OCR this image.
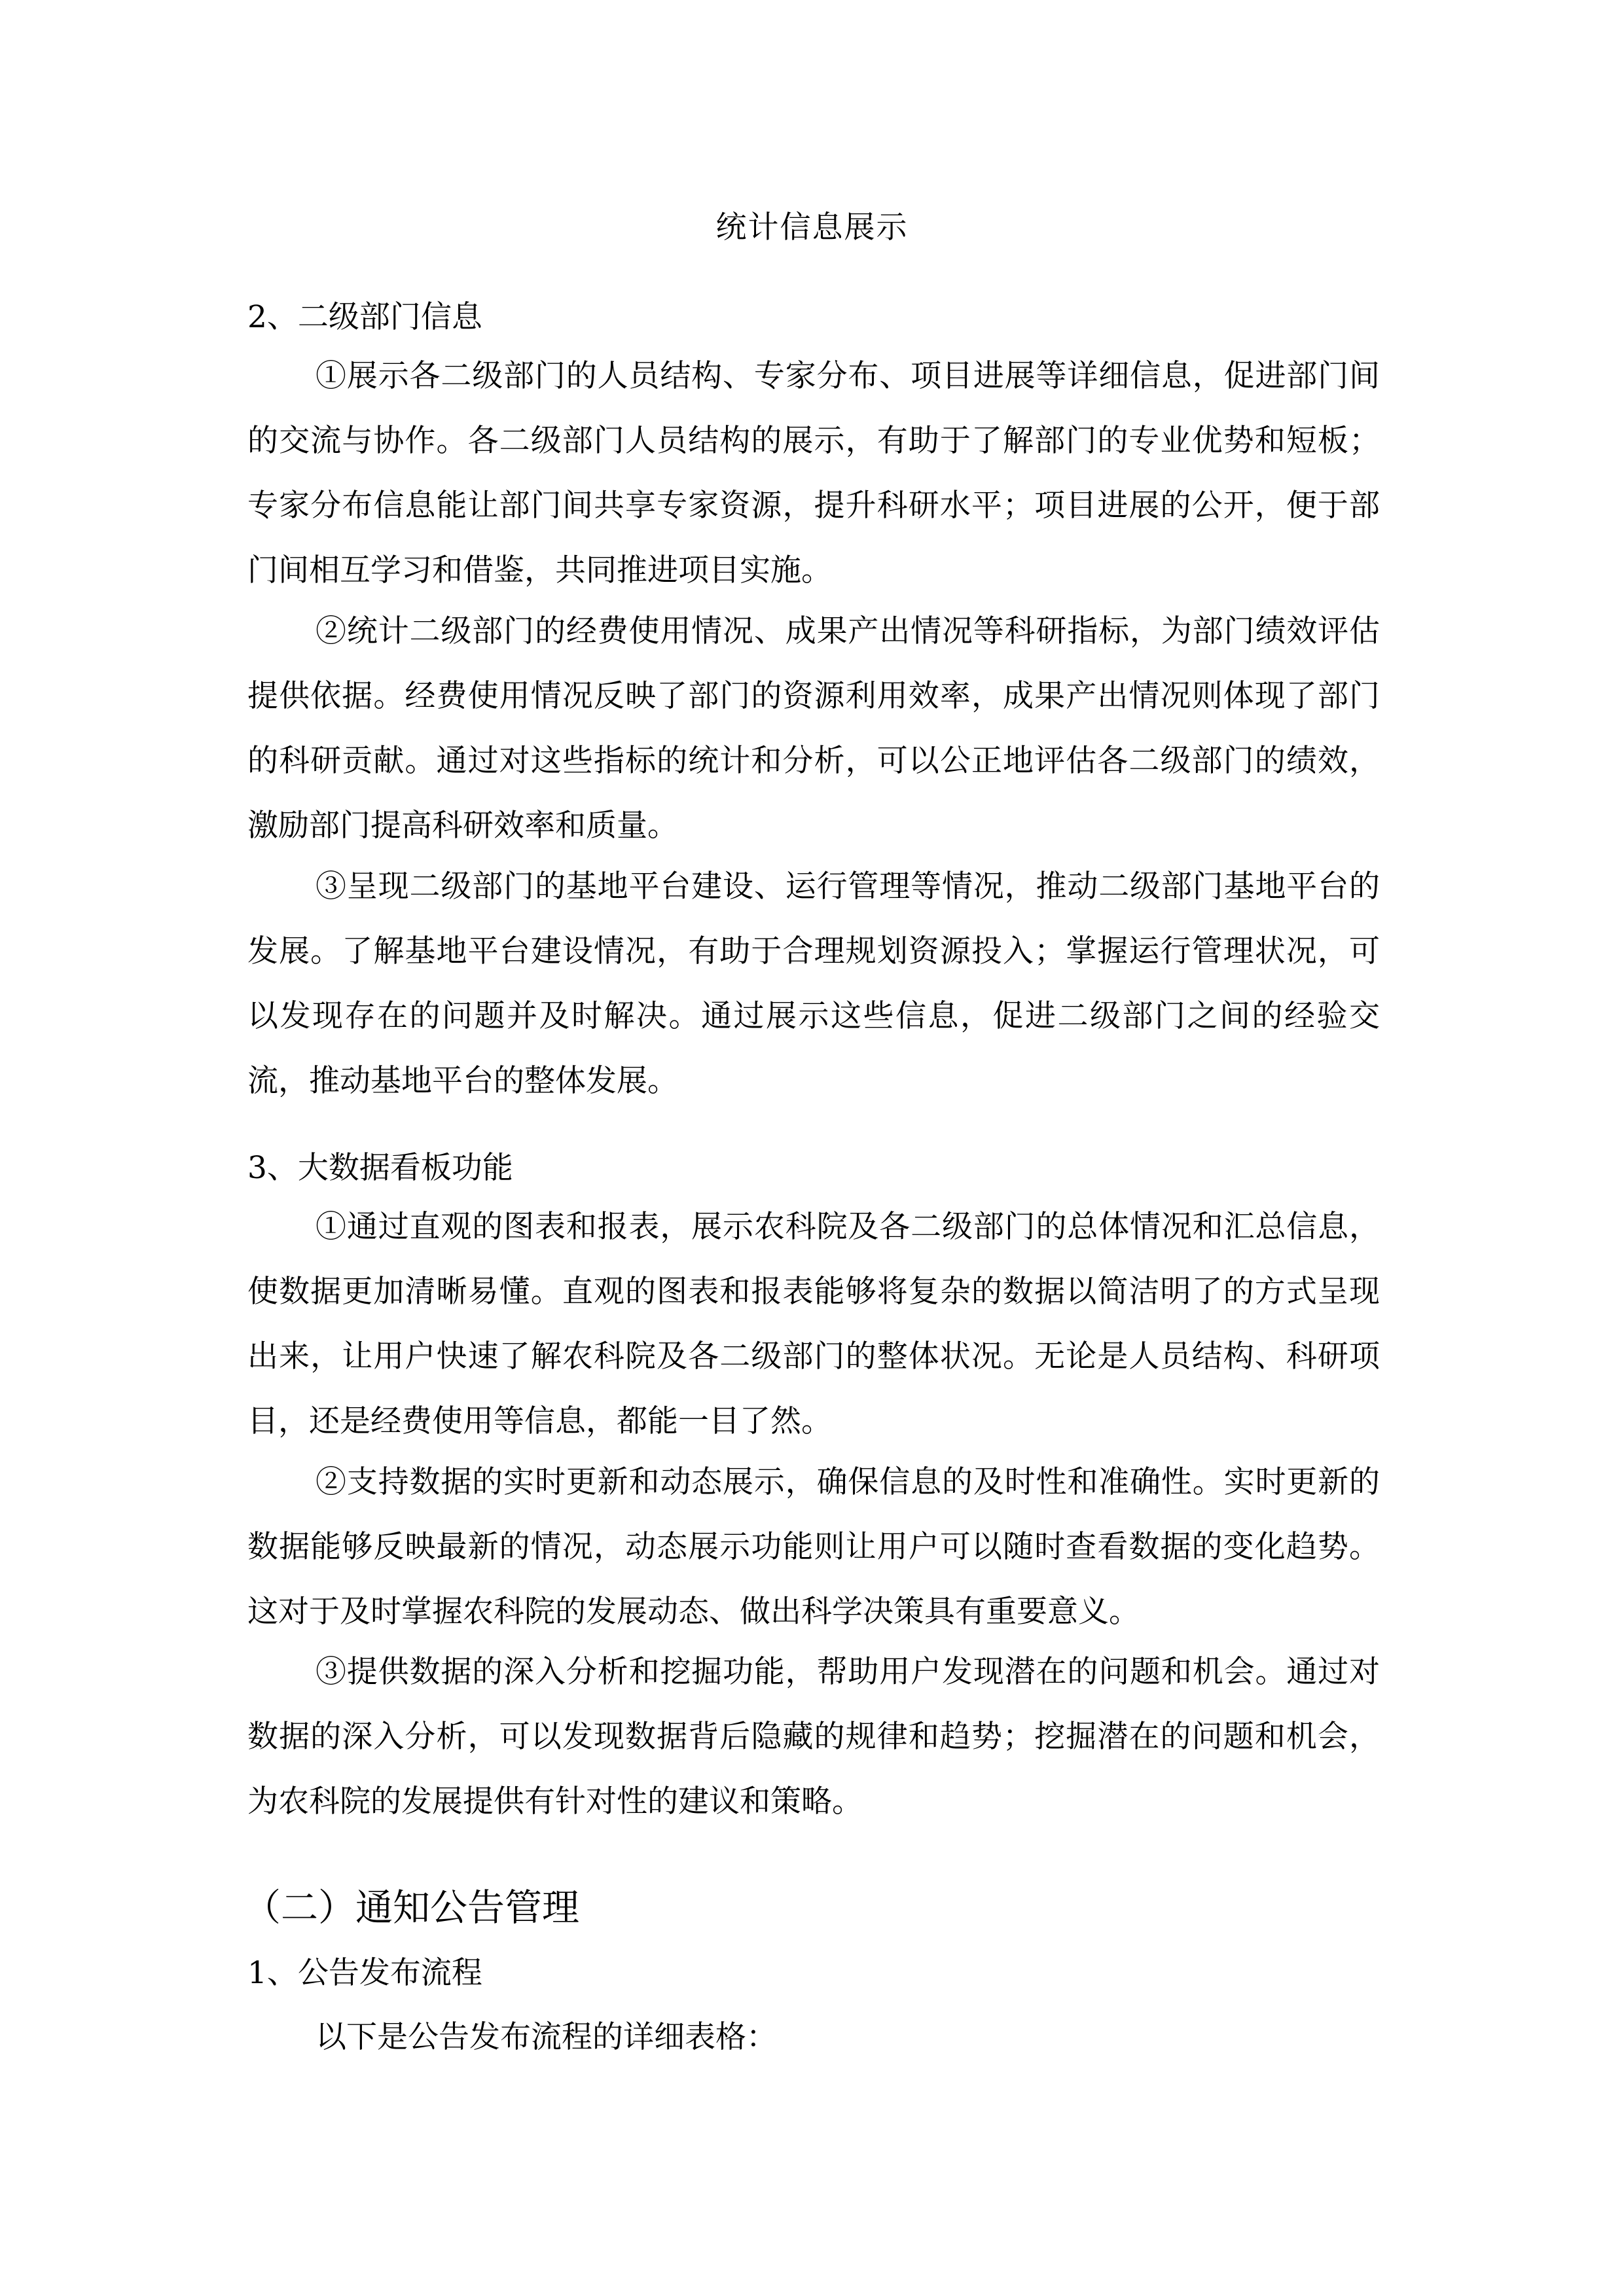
统计信息展示
2、二级部门信息

①展示各二级部门的人员结构、专家分布、项目进展等详细信息，促进部门间的交流与协作。各二级部门人员结构的展示，有助于了解部门的专业优势和短板；专家分布信息能让部门间共享专家资源，提升科研水平；项目进展的公开，便于部门间相互学习和借鉴，共同推进项目实施。

②统计二级部门的经费使用情况、成果产出情况等科研指标，为部门绩效评估提供依据。经费使用情况反映了部门的资源利用效率，成果产出情况则体现了部门的科研贡献。通过对这些指标的统计和分析，可以公正地评估各二级部门的绩效，激励部门提高科研效率和质量。

③呈现二级部门的基地平台建设、运行管理等情况，推动二级部门基地平台的发展。了解基地平台建设情况，有助于合理规划资源投入；掌握运行管理状况，可以发现存在的问题并及时解决。通过展示这些信息，促进二级部门之间的经验交流，推动基地平台的整体发展。

3、大数据看板功能

①通过直观的图表和报表，展示农科院及各二级部门的总体情况和汇总信息，使数据更加清晰易懂。直观的图表和报表能够将复杂的数据以简洁明了的方式呈现出来，让用户快速了解农科院及各二级部门的整体状况。无论是人员结构、科研项目，还是经费使用等信息，都能一目了然。

②支持数据的实时更新和动态展示，确保信息的及时性和准确性。实时更新的数据能够反映最新的情况，动态展示功能则让用户可以随时查看数据的变化趋势。这对于及时掌握农科院的发展动态、做出科学决策具有重要意义。

③提供数据的深入分析和挖掘功能，帮助用户发现潜在的问题和机会。通过对数据的深入分析，可以发现数据背后隐藏的规律和趋势；挖掘潜在的问题和机会，为农科院的发展提供有针对性的建议和策略。

（二）通知公告管理
1、公告发布流程
以下是公告发布流程的详细表格：
